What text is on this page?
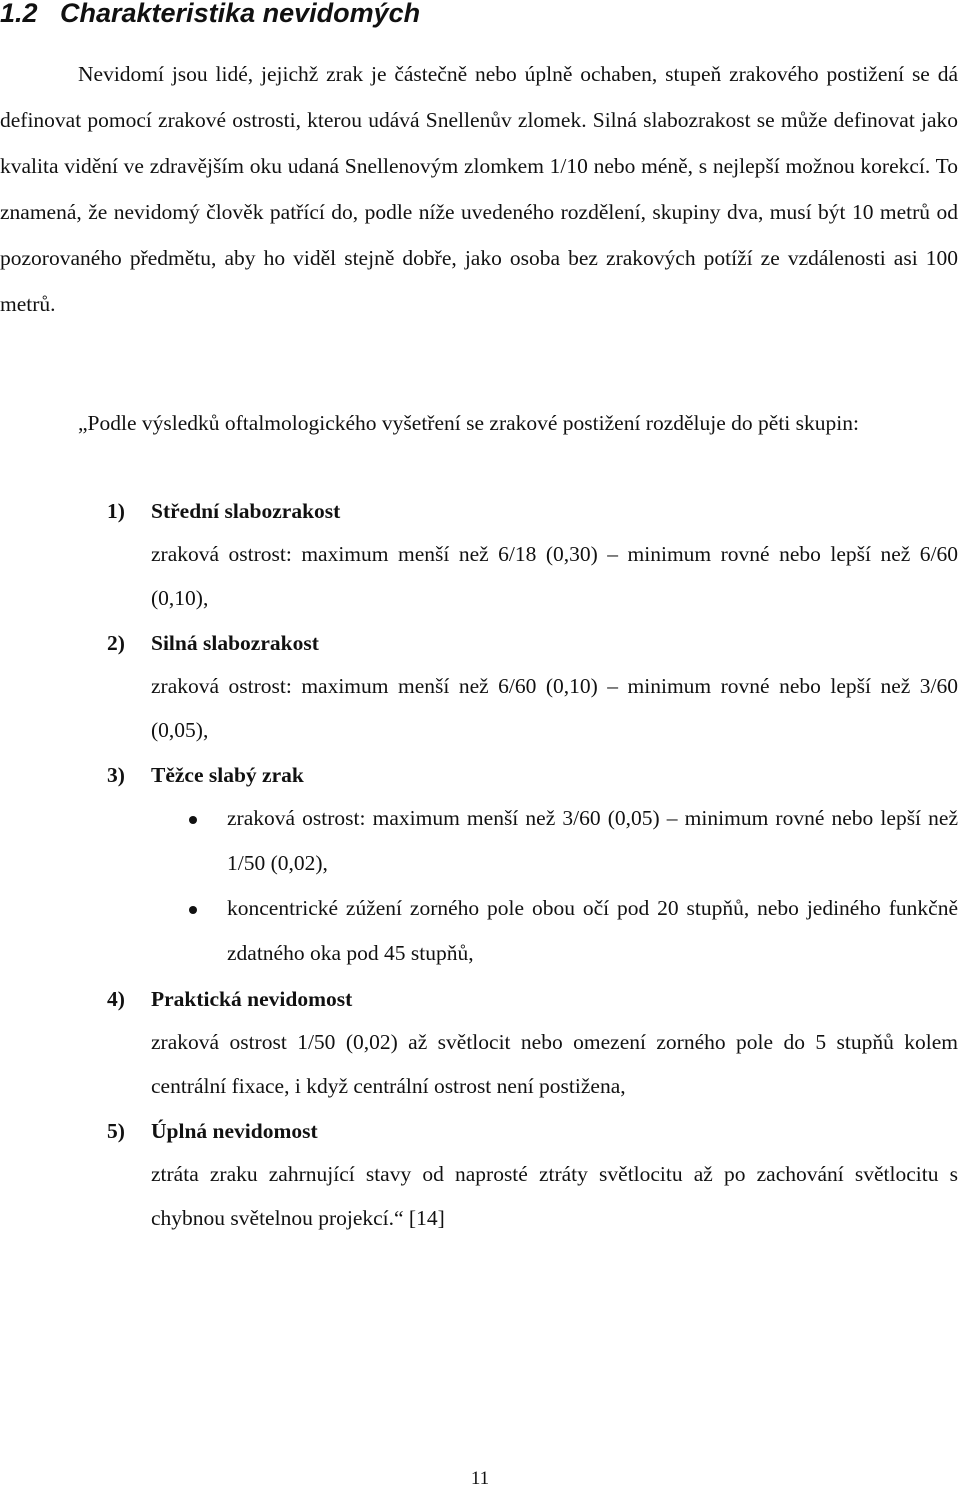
1.2 Charakteristika nevidomých

Nevidomí jsou lidé, jejichž zrak je částečně nebo úplně ochaben, stupeň zrakového postižení se dá definovat pomocí zrakové ostrosti, kterou udává Snellenův zlomek. Silná slabozrakost se může definovat jako kvalita vidění ve zdravějším oku udaná Snellenovým zlomkem 1/10 nebo méně, s nejlepší možnou korekcí. To znamená, že nevidomý člověk patřící do, podle níže uvedeného rozdělení, skupiny dva, musí být 10 metrů od pozorovaného předmětu, aby ho viděl stejně dobře, jako osoba bez zrakových potíží ze vzdálenosti asi 100 metrů.

„Podle výsledků oftalmologického vyšetření se zrakové postižení rozděluje do pěti skupin:

1) Střední slabozrakost
zraková ostrost: maximum menší než 6/18 (0,30) – minimum rovné nebo lepší než 6/60 (0,10),
2) Silná slabozrakost
zraková ostrost: maximum menší než 6/60 (0,10) – minimum rovné nebo lepší než 3/60 (0,05),
3) Těžce slabý zrak
zraková ostrost: maximum menší než 3/60 (0,05) – minimum rovné nebo lepší než 1/50 (0,02),
koncentrické zúžení zorného pole obou očí pod 20 stupňů, nebo jediného funkčně zdatného oka pod 45 stupňů,
4) Praktická nevidomost
zraková ostrost 1/50 (0,02) až světlocit nebo omezení zorného pole do 5 stupňů kolem centrální fixace, i když centrální ostrost není postižena,
5) Úplná nevidomost
ztráta zraku zahrnující stavy od naprosté ztráty světlocitu až po zachování světlocitu s chybnou světelnou projekcí.“ [14]
11
